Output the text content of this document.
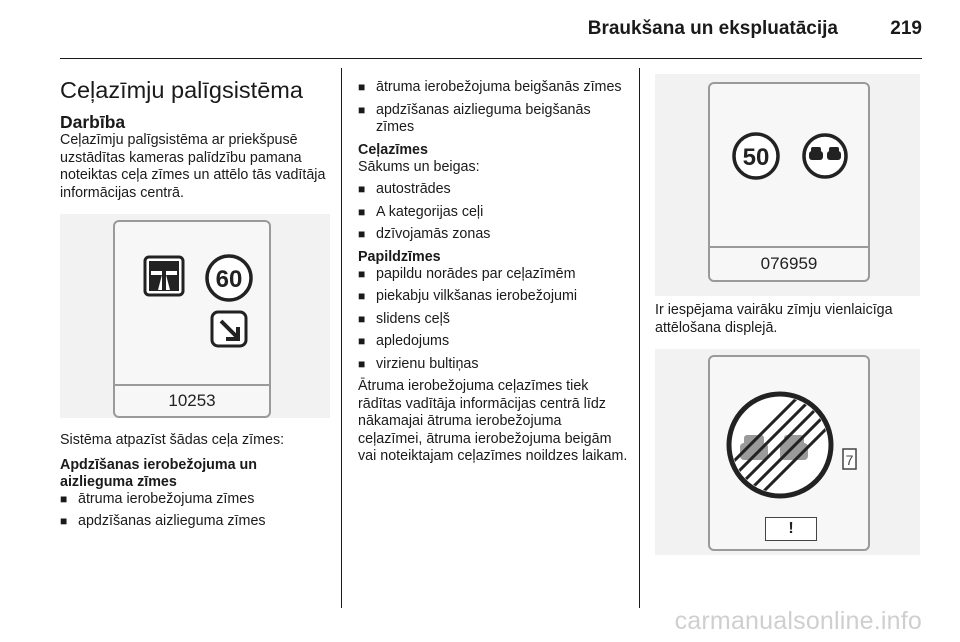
Braukšana un ekspluatācija	219
Ceļazīmju palīgsistēma
Darbība

Ceļazīmju palīgsistēma ar priekšpusē uzstādītas kameras palīdzību pamana noteiktas ceļa zīmes un attēlo tās vadītāja informācijas centrā.

60
10253

Sistēma atpazīst šādas ceļa zīmes:

Apdzīšanas ierobežojuma un aizlieguma zīmes
■ ātruma ierobežojuma zīmes
■ apdzīšanas aizlieguma zīmes
■ ātruma ierobežojuma beigšanās zīmes
■ apdzīšanas aizlieguma beigšanās zīmes
Ceļazīmes

Sākums un beigas:

■ autostrādes
■ A kategorijas ceļi
■ dzīvojamās zonas
Papildzīmes
■ papildu norādes par ceļazīmēm
■ piekabju vilkšanas ierobežojumi
■ slidens ceļš
■ apledojums
■ virzienu bultiņas

Ātruma ierobežojuma ceļazīmes tiek rādītas vadītāja informācijas centrā līdz nākamajai ātruma ierobežojuma ceļazīmei, ātruma ierobežojuma beigām vai noteiktajam ceļazīmes noildzes laikam.

50
076959

Ir iespējama vairāku zīmju vienlaicīga attēlošana displejā.

7
!
carmanualsonline.info
